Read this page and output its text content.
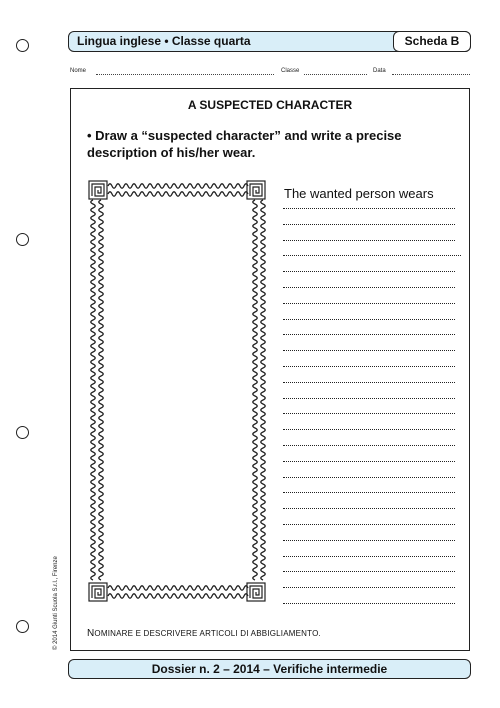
Lingua inglese • Classe quarta	Scheda B
Nome	Classe	Data
A SUSPECTED CHARACTER
• Draw a “suspected character” and write a precise
description of his/her wear.
The wanted person wears
NOMINARE E DESCRIVERE ARTICOLI DI ABBIGLIAMENTO.
Dossier n. 2 – 2014 – Verifiche intermedie
© 2014 Giunti Scuola S.r.l., Firenze
